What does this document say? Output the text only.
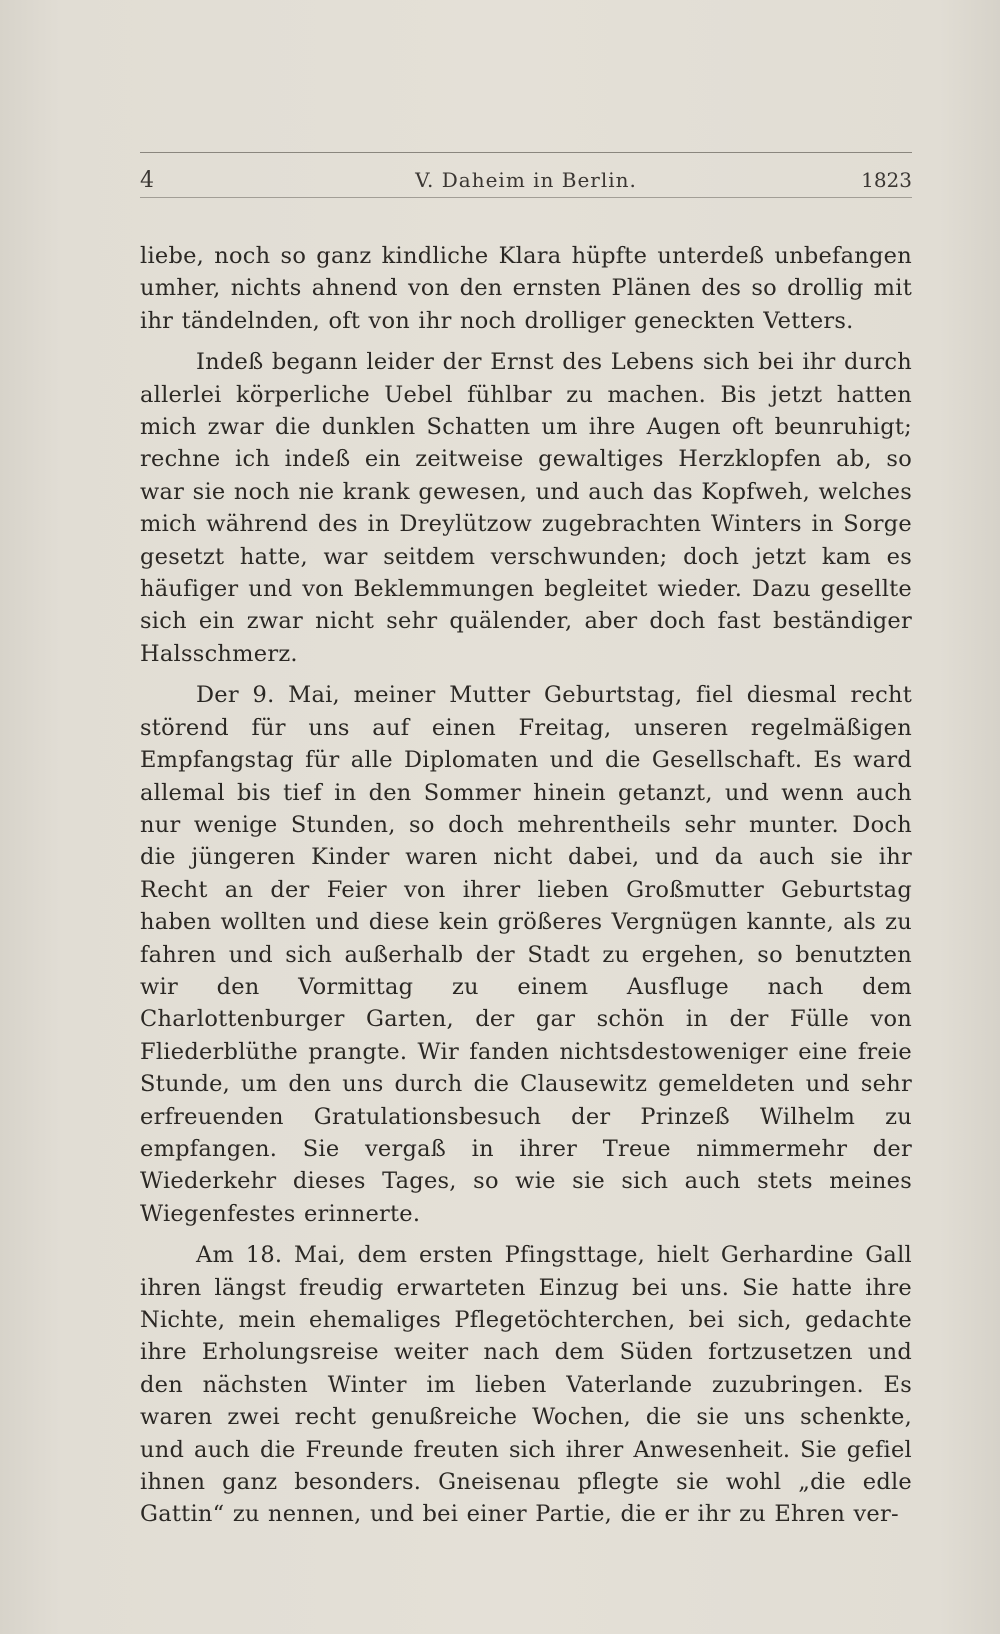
4	V. Daheim in Berlin.	1823

liebe, noch so ganz kindliche Klara hüpfte unterdeß unbefangen umher, nichts ahnend von den ernsten Plänen des so drollig mit ihr tändelnden, oft von ihr noch drolliger geneckten Vetters.

Indeß begann leider der Ernst des Lebens sich bei ihr durch allerlei körperliche Uebel fühlbar zu machen. Bis jetzt hatten mich zwar die dunklen Schatten um ihre Augen oft beunruhigt; rechne ich indeß ein zeitweise gewaltiges Herzklopfen ab, so war sie noch nie krank gewesen, und auch das Kopfweh, welches mich während des in Dreylützow zugebrachten Winters in Sorge gesetzt hatte, war seitdem verschwunden; doch jetzt kam es häufiger und von Beklemmungen begleitet wieder. Dazu gesellte sich ein zwar nicht sehr quälender, aber doch fast beständiger Halsschmerz.

Der 9. Mai, meiner Mutter Geburtstag, fiel diesmal recht störend für uns auf einen Freitag, unseren regelmäßigen Empfangstag für alle Diplomaten und die Gesellschaft. Es ward allemal bis tief in den Sommer hinein getanzt, und wenn auch nur wenige Stunden, so doch mehrentheils sehr munter. Doch die jüngeren Kinder waren nicht dabei, und da auch sie ihr Recht an der Feier von ihrer lieben Großmutter Geburtstag haben wollten und diese kein größeres Vergnügen kannte, als zu fahren und sich außerhalb der Stadt zu ergehen, so benutzten wir den Vormittag zu einem Ausfluge nach dem Charlottenburger Garten, der gar schön in der Fülle von Fliederblüthe prangte. Wir fanden nichtsdestoweniger eine freie Stunde, um den uns durch die Clausewitz gemeldeten und sehr erfreuenden Gratulationsbesuch der Prinzeß Wilhelm zu empfangen. Sie vergaß in ihrer Treue nimmermehr der Wiederkehr dieses Tages, so wie sie sich auch stets meines Wiegenfestes erinnerte.

Am 18. Mai, dem ersten Pfingsttage, hielt Gerhardine Gall ihren längst freudig erwarteten Einzug bei uns. Sie hatte ihre Nichte, mein ehemaliges Pflegetöchterchen, bei sich, gedachte ihre Erholungsreise weiter nach dem Süden fortzusetzen und den nächsten Winter im lieben Vaterlande zuzubringen. Es waren zwei recht genußreiche Wochen, die sie uns schenkte, und auch die Freunde freuten sich ihrer Anwesenheit. Sie gefiel ihnen ganz besonders. Gneisenau pflegte sie wohl „die edle Gattin“ zu nennen, und bei einer Partie, die er ihr zu Ehren ver-
